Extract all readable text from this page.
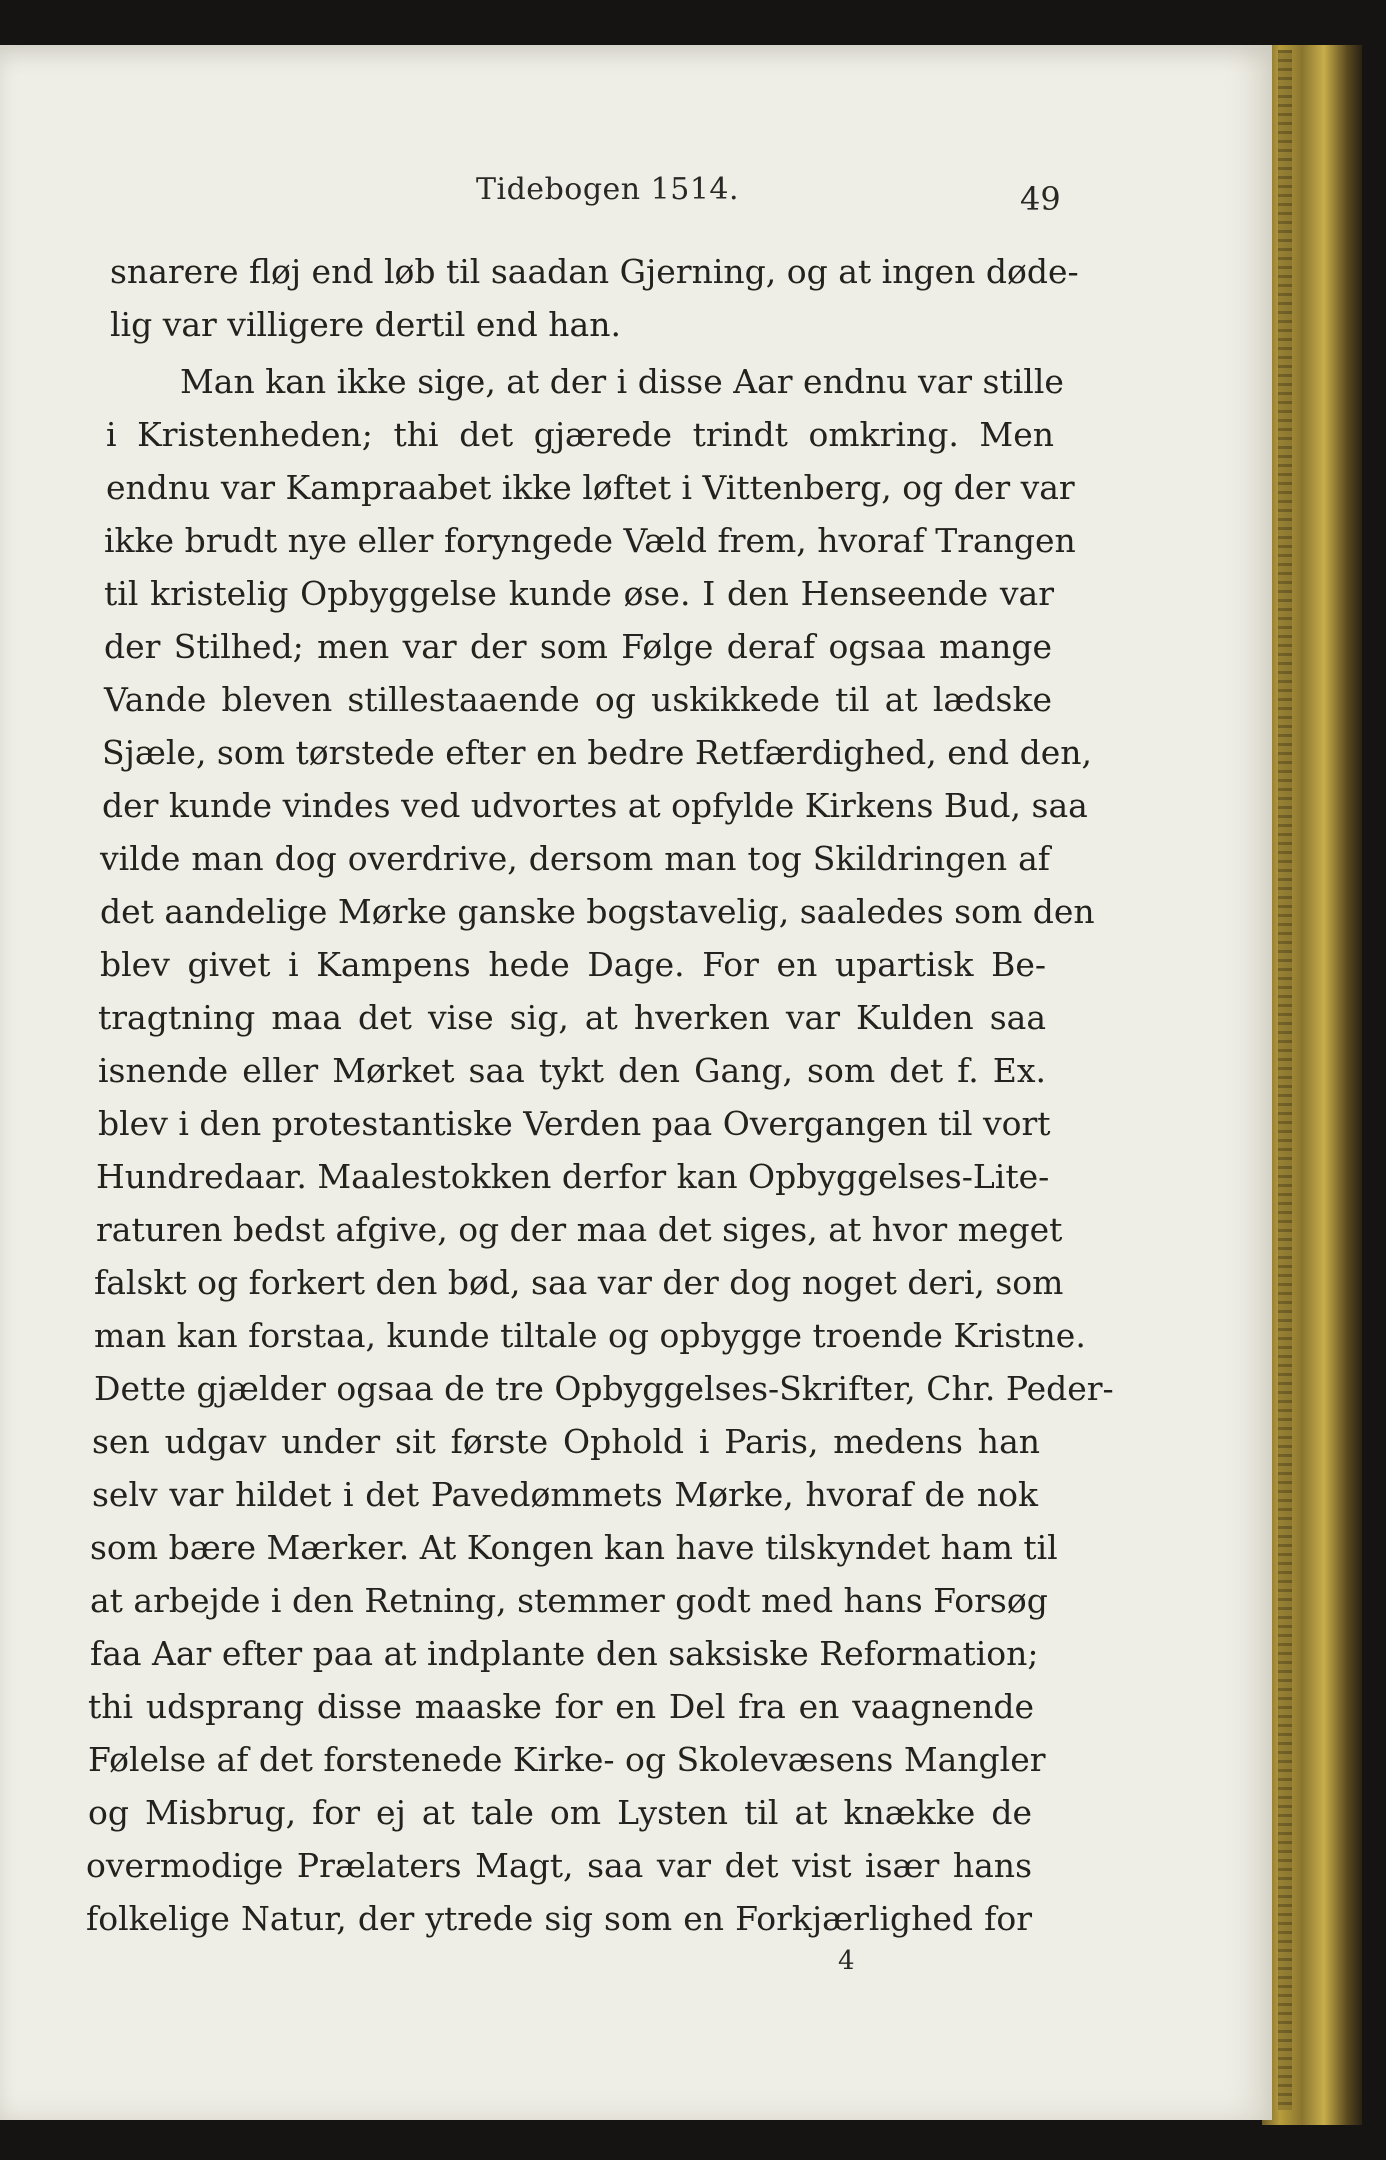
Tidebogen 1514.	49
snarere fløj end løb til saadan Gjerning, og at ingen døde-
lig var villigere dertil end han.
Man kan ikke sige, at der i disse Aar endnu var stille
i Kristenheden; thi det gjærede trindt omkring. Men
endnu var Kampraabet ikke løftet i Vittenberg, og der var
ikke brudt nye eller foryngede Væld frem, hvoraf Trangen
til kristelig Opbyggelse kunde øse. I den Henseende var
der Stilhed; men var der som Følge deraf ogsaa mange
Vande bleven stillestaaende og uskikkede til at lædske
Sjæle, som tørstede efter en bedre Retfærdighed, end den,
der kunde vindes ved udvortes at opfylde Kirkens Bud, saa
vilde man dog overdrive, dersom man tog Skildringen af
det aandelige Mørke ganske bogstavelig, saaledes som den
blev givet i Kampens hede Dage. For en upartisk Be-
tragtning maa det vise sig, at hverken var Kulden saa
isnende eller Mørket saa tykt den Gang, som det f. Ex.
blev i den protestantiske Verden paa Overgangen til vort
Hundredaar. Maalestokken derfor kan Opbyggelses-Lite-
raturen bedst afgive, og der maa det siges, at hvor meget
falskt og forkert den bød, saa var der dog noget deri, som
man kan forstaa, kunde tiltale og opbygge troende Kristne.
Dette gjælder ogsaa de tre Opbyggelses-Skrifter, Chr. Peder-
sen udgav under sit første Ophold i Paris, medens han
selv var hildet i det Pavedømmets Mørke, hvoraf de nok
som bære Mærker. At Kongen kan have tilskyndet ham til
at arbejde i den Retning, stemmer godt med hans Forsøg
faa Aar efter paa at indplante den saksiske Reformation;
thi udsprang disse maaske for en Del fra en vaagnende
Følelse af det forstenede Kirke- og Skolevæsens Mangler
og Misbrug, for ej at tale om Lysten til at knække de
overmodige Prælaters Magt, saa var det vist især hans
folkelige Natur, der ytrede sig som en Forkjærlighed for
4
